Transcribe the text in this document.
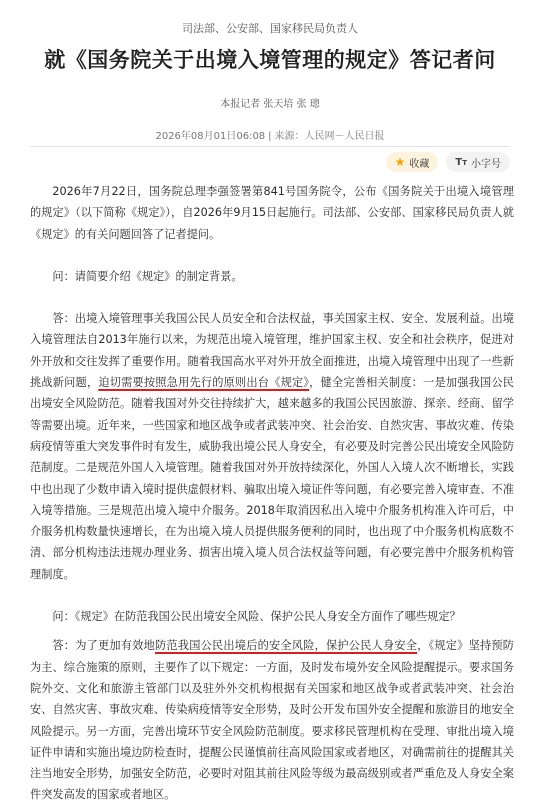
司法部、公安部、国家移民局负责人
就《国务院关于出境入境管理的规定》答记者问
本报记者 张天培 张 璁
2026年08月01日06:08 | 来源：人民网－人民日报
★ 收藏	TT 小字号

2026年7月22日，国务院总理李强签署第841号国务院令，公布《国务院关于出境入境管理的规定》（以下简称《规定》），自2026年9月15日起施行。司法部、公安部、国家移民局负责人就《规定》的有关问题回答了记者提问。

问：请简要介绍《规定》的制定背景。

答：出境入境管理事关我国公民人员安全和合法权益，事关国家主权、安全、发展利益。出境入境管理法自2013年施行以来，为规范出境入境管理，维护国家主权、安全和社会秩序，促进对外开放和交往发挥了重要作用。随着我国高水平对外开放全面推进，出境入境管理中出现了一些新挑战新问题，迫切需要按照急用先行的原则出台《规定》，健全完善相关制度：一是加强我国公民出境安全风险防范。随着我国对外交往持续扩大，越来越多的我国公民因旅游、探亲、经商、留学等需要出境。近年来，一些国家和地区战争或者武装冲突、社会治安、自然灾害、事故灾难、传染病疫情等重大突发事件时有发生，威胁我出境公民人身安全，有必要及时完善公民出境安全风险防范制度。二是规范外国人入境管理。随着我国对外开放持续深化，外国人入境人次不断增长，实践中也出现了少数申请入境时提供虚假材料、骗取出境入境证件等问题，有必要完善入境审查、不准入境等措施。三是规范出境入境中介服务。2018年取消因私出入境中介服务机构准入许可后，中介服务机构数量快速增长，在为出境入境人员提供服务便利的同时，也出现了中介服务机构底数不清、部分机构违法违规办理业务、损害出境入境人员合法权益等问题，有必要完善中介服务机构管理制度。

问：《规定》在防范我国公民出境安全风险、保护公民人身安全方面作了哪些规定？

答：为了更加有效地防范我国公民出境后的安全风险，保护公民人身安全，《规定》坚持预防为主、综合施策的原则，主要作了以下规定：一方面，及时发布境外安全风险提醒提示。要求国务院外交、文化和旅游主管部门以及驻外外交机构根据有关国家和地区战争或者武装冲突、社会治安、自然灾害、事故灾难、传染病疫情等安全形势，及时公开发布国外安全提醒和旅游目的地安全风险提示。另一方面，完善出境环节安全风险防范制度。要求移民管理机构在受理、审批出境入境证件申请和实施出境边防检查时，提醒公民谨慎前往高风险国家或者地区，对确需前往的提醒其关注当地安全形势，加强安全防范，必要时对阻其前往风险等级为最高级别或者严重危及人身安全案件突发高发的国家或者地区。
